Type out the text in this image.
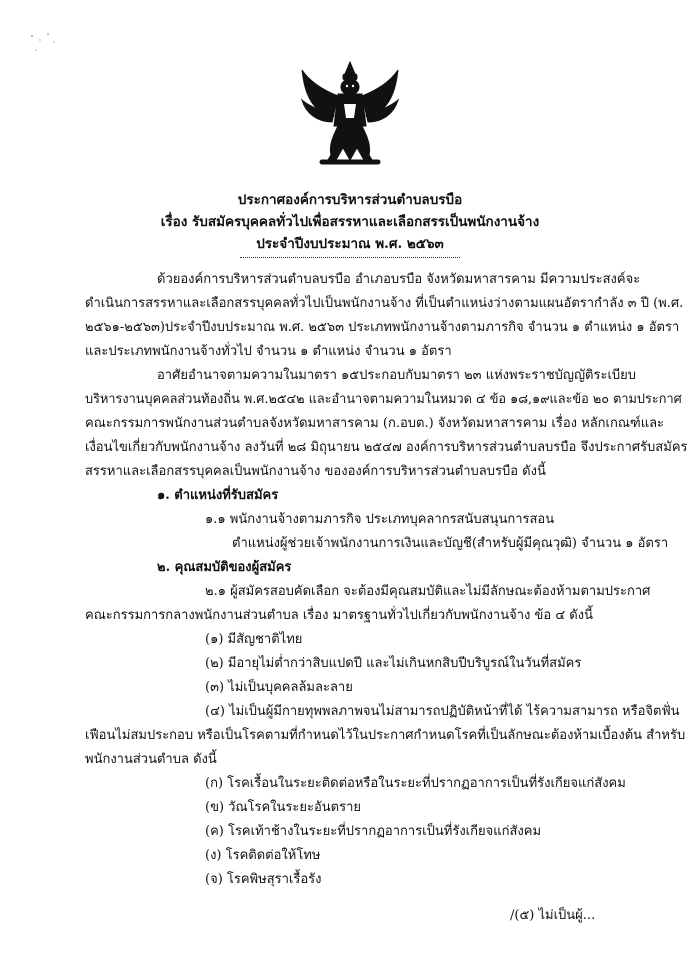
ประกาศองค์การบริหารส่วนตำบลบรบือ
เรื่อง รับสมัครบุคคลทั่วไปเพื่อสรรหาและเลือกสรรเป็นพนักงานจ้าง
ประจำปีงบประมาณ พ.ศ. ๒๕๖๓
ด้วยองค์การบริหารส่วนตำบลบรบือ อำเภอบรบือ จังหวัดมหาสารคาม มีความประสงค์จะ
ดำเนินการสรรหาและเลือกสรรบุคคลทั่วไปเป็นพนักงานจ้าง ที่เป็นตำแหน่งว่างตามแผนอัตรากำลัง ๓ ปี (พ.ศ.
๒๕๖๑-๒๕๖๓)ประจำปีงบประมาณ พ.ศ. ๒๕๖๓ ประเภทพนักงานจ้างตามภารกิจ จำนวน ๑ ตำแหน่ง ๑ อัตรา
และประเภทพนักงานจ้างทั่วไป จำนวน ๑ ตำแหน่ง จำนวน ๑ อัตรา
อาศัยอำนาจตามความในมาตรา ๑๕ประกอบกับมาตรา ๒๓ แห่งพระราชบัญญัติระเบียบ
บริหารงานบุคคลส่วนท้องถิ่น พ.ศ.๒๕๔๒ และอำนาจตามความในหมวด ๔ ข้อ ๑๘,๑๙และข้อ ๒๐ ตามประกาศ
คณะกรรมการพนักงานส่วนตำบลจังหวัดมหาสารคาม (ก.อบต.) จังหวัดมหาสารคาม เรื่อง หลักเกณฑ์และ
เงื่อนไขเกี่ยวกับพนักงานจ้าง ลงวันที่ ๒๘ มิถุนายน ๒๕๔๗ องค์การบริหารส่วนตำบลบรบือ จึงประกาศรับสมัคร
สรรหาและเลือกสรรบุคคลเป็นพนักงานจ้าง ขององค์การบริหารส่วนตำบลบรบือ ดังนี้
๑. ตำแหน่งที่รับสมัคร
๑.๑ พนักงานจ้างตามภารกิจ ประเภทบุคลากรสนับสนุนการสอน
ตำแหน่งผู้ช่วยเจ้าพนักงานการเงินและบัญชี(สำหรับผู้มีคุณวุฒิ) จำนวน ๑ อัตรา
๒. คุณสมบัติของผู้สมัคร
๒.๑ ผู้สมัครสอบคัดเลือก จะต้องมีคุณสมบัติและไม่มีลักษณะต้องห้ามตามประกาศ
คณะกรรมการกลางพนักงานส่วนตำบล เรื่อง มาตรฐานทั่วไปเกี่ยวกับพนักงานจ้าง ข้อ ๔ ดังนี้
(๑) มีสัญชาติไทย
(๒) มีอายุไม่ต่ำกว่าสิบแปดปี และไม่เกินหกสิบปีบริบูรณ์ในวันที่สมัคร
(๓) ไม่เป็นบุคคลล้มละลาย
(๔) ไม่เป็นผู้มีกายทุพพลภาพจนไม่สามารถปฏิบัติหน้าที่ได้ ไร้ความสามารถ หรือจิตฟั่น
เฟือนไม่สมประกอบ หรือเป็นโรคตามที่กำหนดไว้ในประกาศกำหนดโรคที่เป็นลักษณะต้องห้ามเบื้องต้น สำหรับ
พนักงานส่วนตำบล ดังนี้
(ก) โรคเรื้อนในระยะติดต่อหรือในระยะที่ปรากฏอาการเป็นที่รังเกียจแก่สังคม
(ข) วัณโรคในระยะอันตราย
(ค) โรคเท้าช้างในระยะที่ปรากฏอาการเป็นที่รังเกียจแก่สังคม
(ง) โรคติดต่อให้โทษ
(จ) โรคพิษสุราเรื้อรัง
/(๕) ไม่เป็นผู้...
